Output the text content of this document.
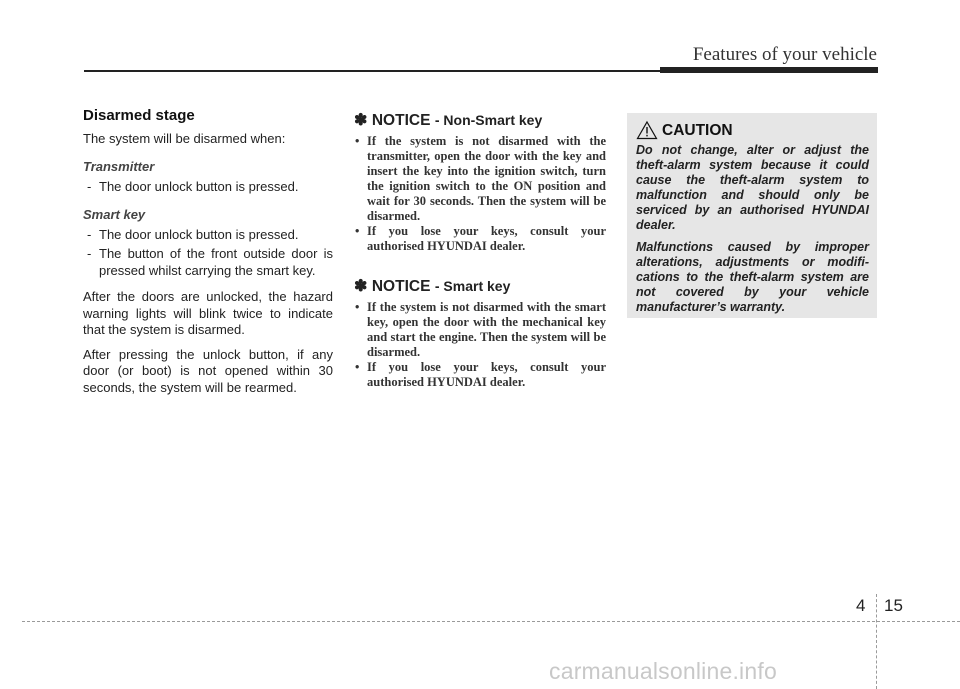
Features of your vehicle
Disarmed stage

The system will be disarmed when:

Transmitter
- The door unlock button is pressed.
Smart key
- The door unlock button is pressed.
- The button of the front outside door is pressed whilst carrying the smart key.

After the doors are unlocked, the hazard warning lights will blink twice to indicate that the system is disarmed.

After pressing the unlock button, if any door (or boot) is not opened within 30 seconds, the system will be rearmed.

✽ NOTICE - Non-Smart key
• If the system is not disarmed with the transmitter, open the door with the key and insert the key into the ignition switch, turn the ignition switch to the ON position and wait for 30 seconds. Then the system will be disarmed.
• If you lose your keys, consult your authorised HYUNDAI dealer.
✽ NOTICE - Smart key
• If the system is not disarmed with the smart key, open the door with the mechanical key and start the engine. Then the system will be disarmed.
• If you lose your keys, consult your authorised HYUNDAI dealer.
CAUTION

Do not change, alter or adjust the theft-alarm system because it could cause the theft-alarm system to malfunction and should only be serviced by an authorised HYUNDAI dealer.

Malfunctions caused by improper alterations, adjustments or modifi-cations to the theft-alarm system are not covered by your vehicle manufacturer’s warranty.

4 15
carmanualsonline.info
